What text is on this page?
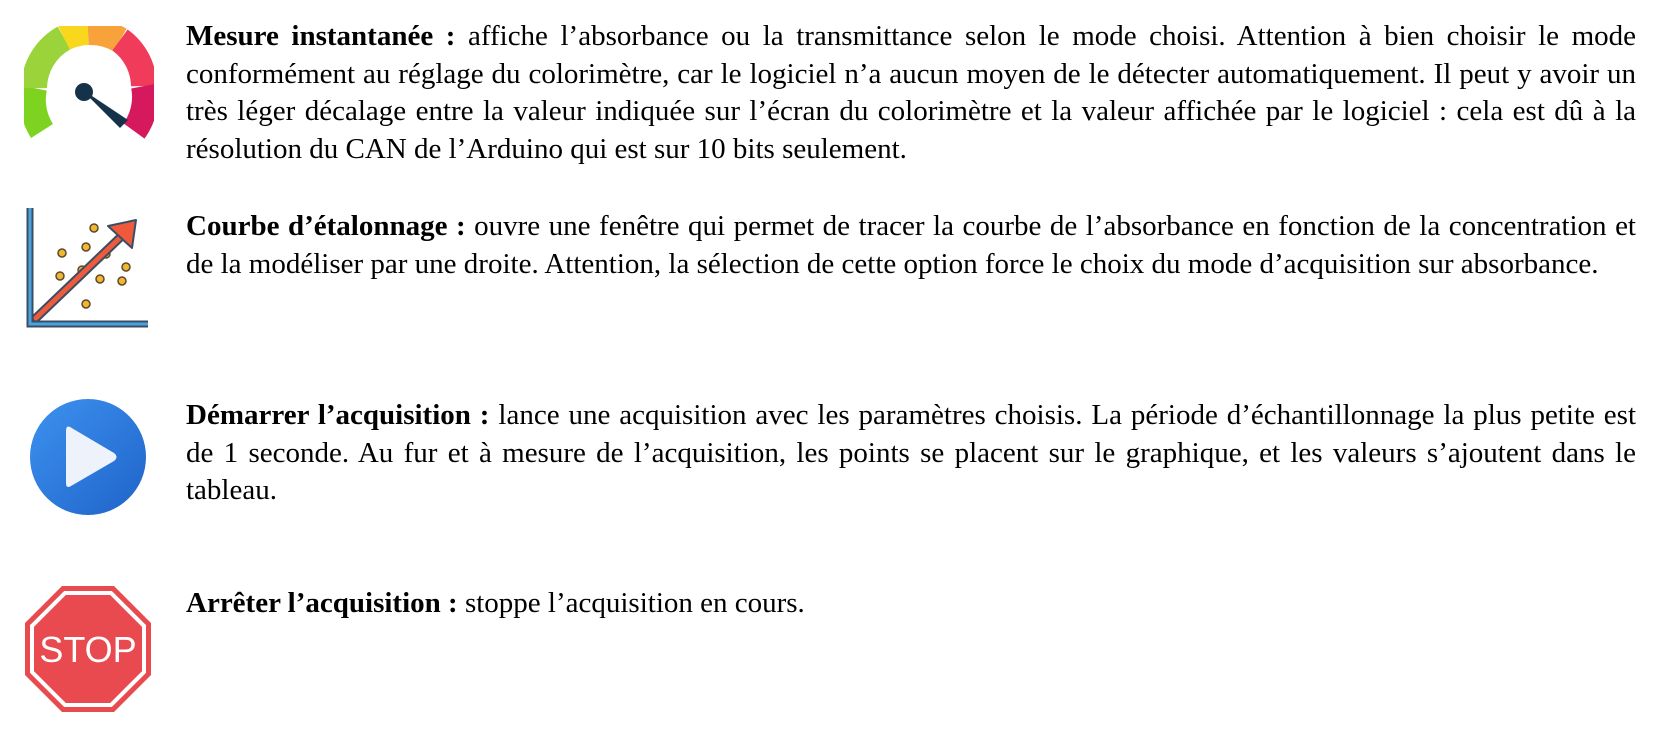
Mesure instantanée : affiche l’absorbance ou la transmittance selon le mode choisi. Attention à bien choisir le mode conformément au réglage du colorimètre, car le logiciel n’a aucun moyen de le détecter automatiquement. Il peut y avoir un très léger décalage entre la valeur indiquée sur l’écran du colorimètre et la valeur affichée par le logiciel : cela est dû à la résolution du CAN de l’Arduino qui est sur 10 bits seulement.

Courbe d’étalonnage : ouvre une fenêtre qui permet de tracer la courbe de l’absorbance en fonction de la concentration et de la modéliser par une droite. Attention, la sélection de cette option force le choix du mode d’acquisition sur absorbance.

Démarrer l’acquisition : lance une acquisition avec les paramètres choisis. La période d’échantillonnage la plus petite est de 1 seconde. Au fur et à mesure de l’acquisition, les points se placent sur le graphique, et les valeurs s’ajoutent dans le tableau.

STOP

Arrêter l’acquisition : stoppe l’acquisition en cours.
